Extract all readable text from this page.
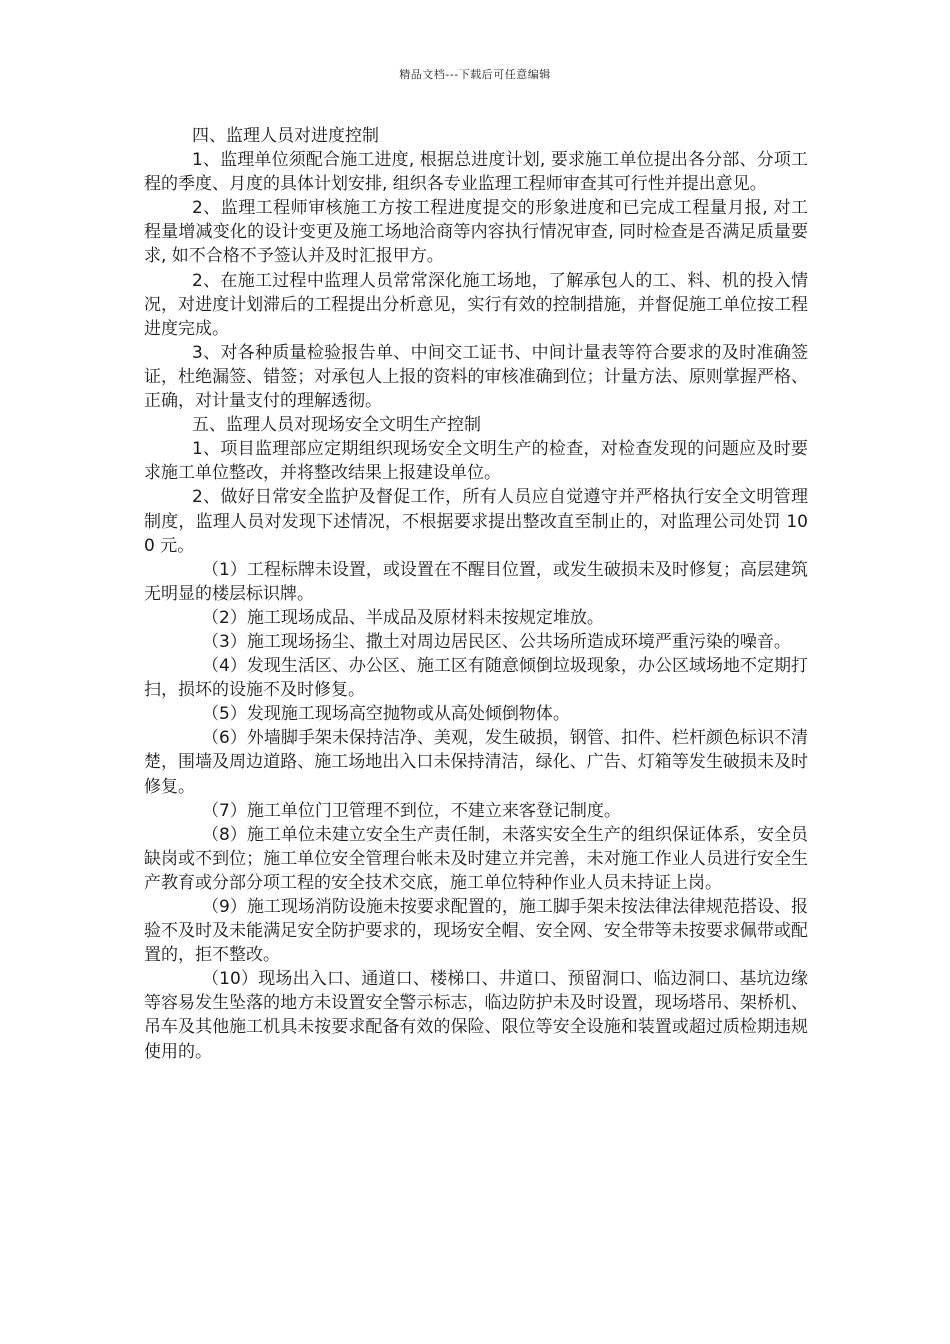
精品文档---下载后可任意编辑

四、监理人员对进度控制

1、监理单位须配合施工进度, 根据总进度计划, 要求施工单位提出各分部、分项工程的季度、月度的具体计划安排, 组织各专业监理工程师审查其可行性并提出意见。

2、监理工程师审核施工方按工程进度提交的形象进度和已完成工程量月报, 对工程量增减变化的设计变更及施工场地洽商等内容执行情况审查, 同时检查是否满足质量要求, 如不合格不予签认并及时汇报甲方。

2、在施工过程中监理人员常常深化施工场地，了解承包人的工、料、机的投入情况，对进度计划滞后的工程提出分析意见，实行有效的控制措施，并督促施工单位按工程进度完成。

3、对各种质量检验报告单、中间交工证书、中间计量表等符合要求的及时准确签证，杜绝漏签、错签；对承包人上报的资料的审核准确到位；计量方法、原则掌握严格、正确，对计量支付的理解透彻。

五、监理人员对现场安全文明生产控制

1、项目监理部应定期组织现场安全文明生产的检查，对检查发现的问题应及时要求施工单位整改，并将整改结果上报建设单位。

2、做好日常安全监护及督促工作，所有人员应自觉遵守并严格执行安全文明管理制度，监理人员对发现下述情况，不根据要求提出整改直至制止的，对监理公司处罚 100 元。

（1）工程标牌未设置，或设置在不醒目位置，或发生破损未及时修复；高层建筑无明显的楼层标识牌。

（2）施工现场成品、半成品及原材料未按规定堆放。

（3）施工现场扬尘、撒土对周边居民区、公共场所造成环境严重污染的噪音。

（4）发现生活区、办公区、施工区有随意倾倒垃圾现象，办公区域场地不定期打扫，损坏的设施不及时修复。

（5）发现施工现场高空抛物或从高处倾倒物体。

（6）外墙脚手架未保持洁净、美观，发生破损，钢管、扣件、栏杆颜色标识不清楚，围墙及周边道路、施工场地出入口未保持清洁，绿化、广告、灯箱等发生破损未及时修复。

（7）施工单位门卫管理不到位，不建立来客登记制度。

（8）施工单位未建立安全生产责任制，未落实安全生产的组织保证体系，安全员缺岗或不到位；施工单位安全管理台帐未及时建立并完善，未对施工作业人员进行安全生产教育或分部分项工程的安全技术交底，施工单位特种作业人员未持证上岗。

（9）施工现场消防设施未按要求配置的，施工脚手架未按法律法律规范搭设、报验不及时及未能满足安全防护要求的，现场安全帽、安全网、安全带等未按要求佩带或配置的，拒不整改。

（10）现场出入口、通道口、楼梯口、井道口、预留洞口、临边洞口、基坑边缘等容易发生坠落的地方未设置安全警示标志，临边防护未及时设置，现场塔吊、架桥机、吊车及其他施工机具未按要求配备有效的保险、限位等安全设施和装置或超过质检期违规使用的。
